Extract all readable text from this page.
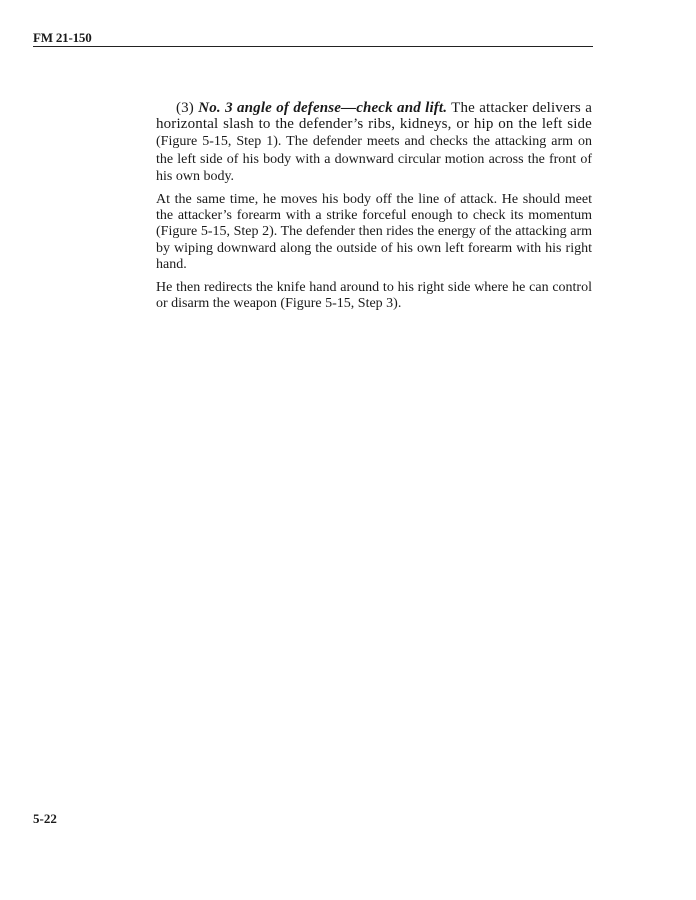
FM 21-150

(3) No. 3 angle of defense—check and lift. The attacker delivers a horizontal slash to the defender’s ribs, kidneys, or hip on the left side (Figure 5-15, Step 1). The defender meets and checks the attacking arm on the left side of his body with a downward circular motion across the front of his own body.

At the same time, he moves his body off the line of attack. He should meet the attacker’s forearm with a strike forceful enough to check its momentum (Figure 5-15, Step 2). The defender then rides the energy of the attacking arm by wiping downward along the outside of his own left forearm with his right hand.

He then redirects the knife hand around to his right side where he can control or disarm the weapon (Figure 5-15, Step 3).

5-22
